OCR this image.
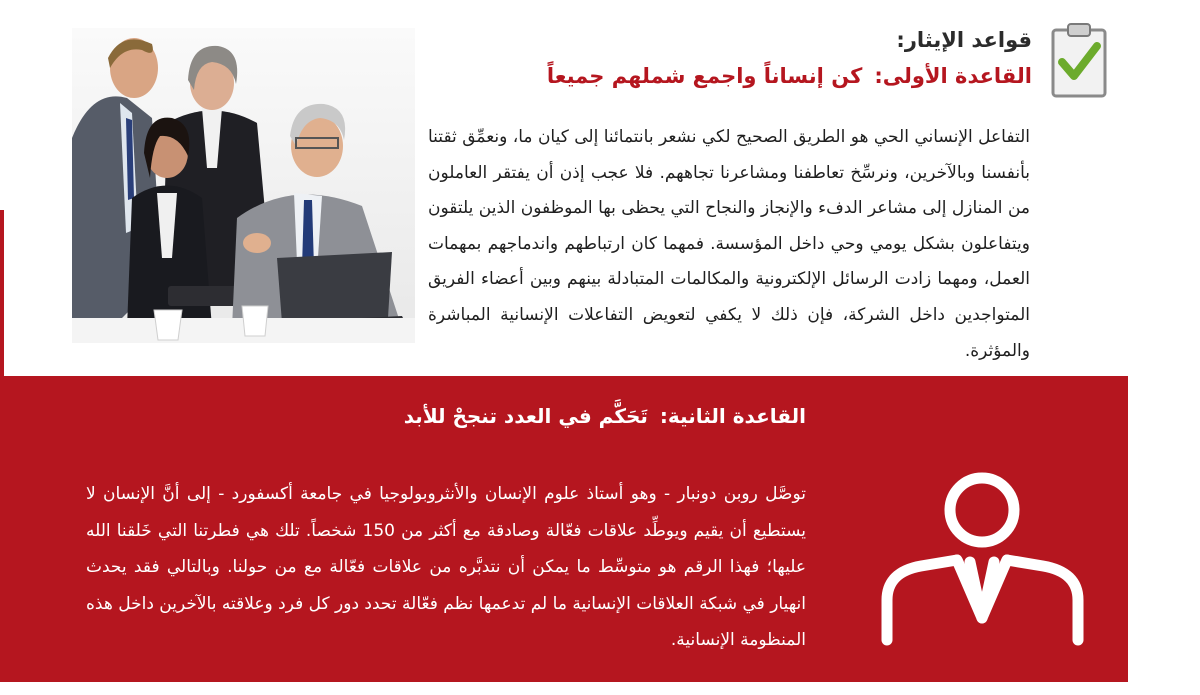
قواعد الإيثار:
القاعدة الأولى:كن إنساناً واجمع شملهم جميعاً
التفاعل الإنساني الحي هو الطريق الصحيح لكي نشعر بانتمائنا إلى كيان ما، ونعمِّق ثقتنا بأنفسنا وبالآخرين، ونرسِّخ تعاطفنا ومشاعرنا تجاههم. فلا عجب إذن أن يفتقر العاملون من المنازل إلى مشاعر الدفء والإنجاز والنجاح التي يحظى بها الموظفون الذين يلتقون ويتفاعلون بشكل يومي وحي داخل المؤسسة. فمهما كان ارتباطهم واندماجهم بمهمات العمل، ومهما زادت الرسائل الإلكترونية والمكالمات المتبادلة بينهم وبين أعضاء الفريق المتواجدين داخل الشركة، فإن ذلك لا يكفي لتعويض التفاعلات الإنسانية المباشرة والمؤثرة.
القاعدة الثانية:تَحَكَّم في العدد تنجحْ للأبد
توصَّل روبن دونبار - وهو أستاذ علوم الإنسان والأنثروبولوجيا في جامعة أكسفورد - إلى أنَّ الإنسان لا يستطيع أن يقيم ويوطِّد علاقات فعّالة وصادقة مع أكثر من 150 شخصاً. تلك هي فطرتنا التي خَلقنا الله عليها؛ فهذا الرقم هو متوسِّط ما يمكن أن نتدبَّره من علاقات فعّالة مع من حولنا. وبالتالي فقد يحدث انهيار في شبكة العلاقات الإنسانية ما لم تدعمها نظم فعّالة تحدد دور كل فرد وعلاقته بالآخرين داخل هذه المنظومة الإنسانية.
